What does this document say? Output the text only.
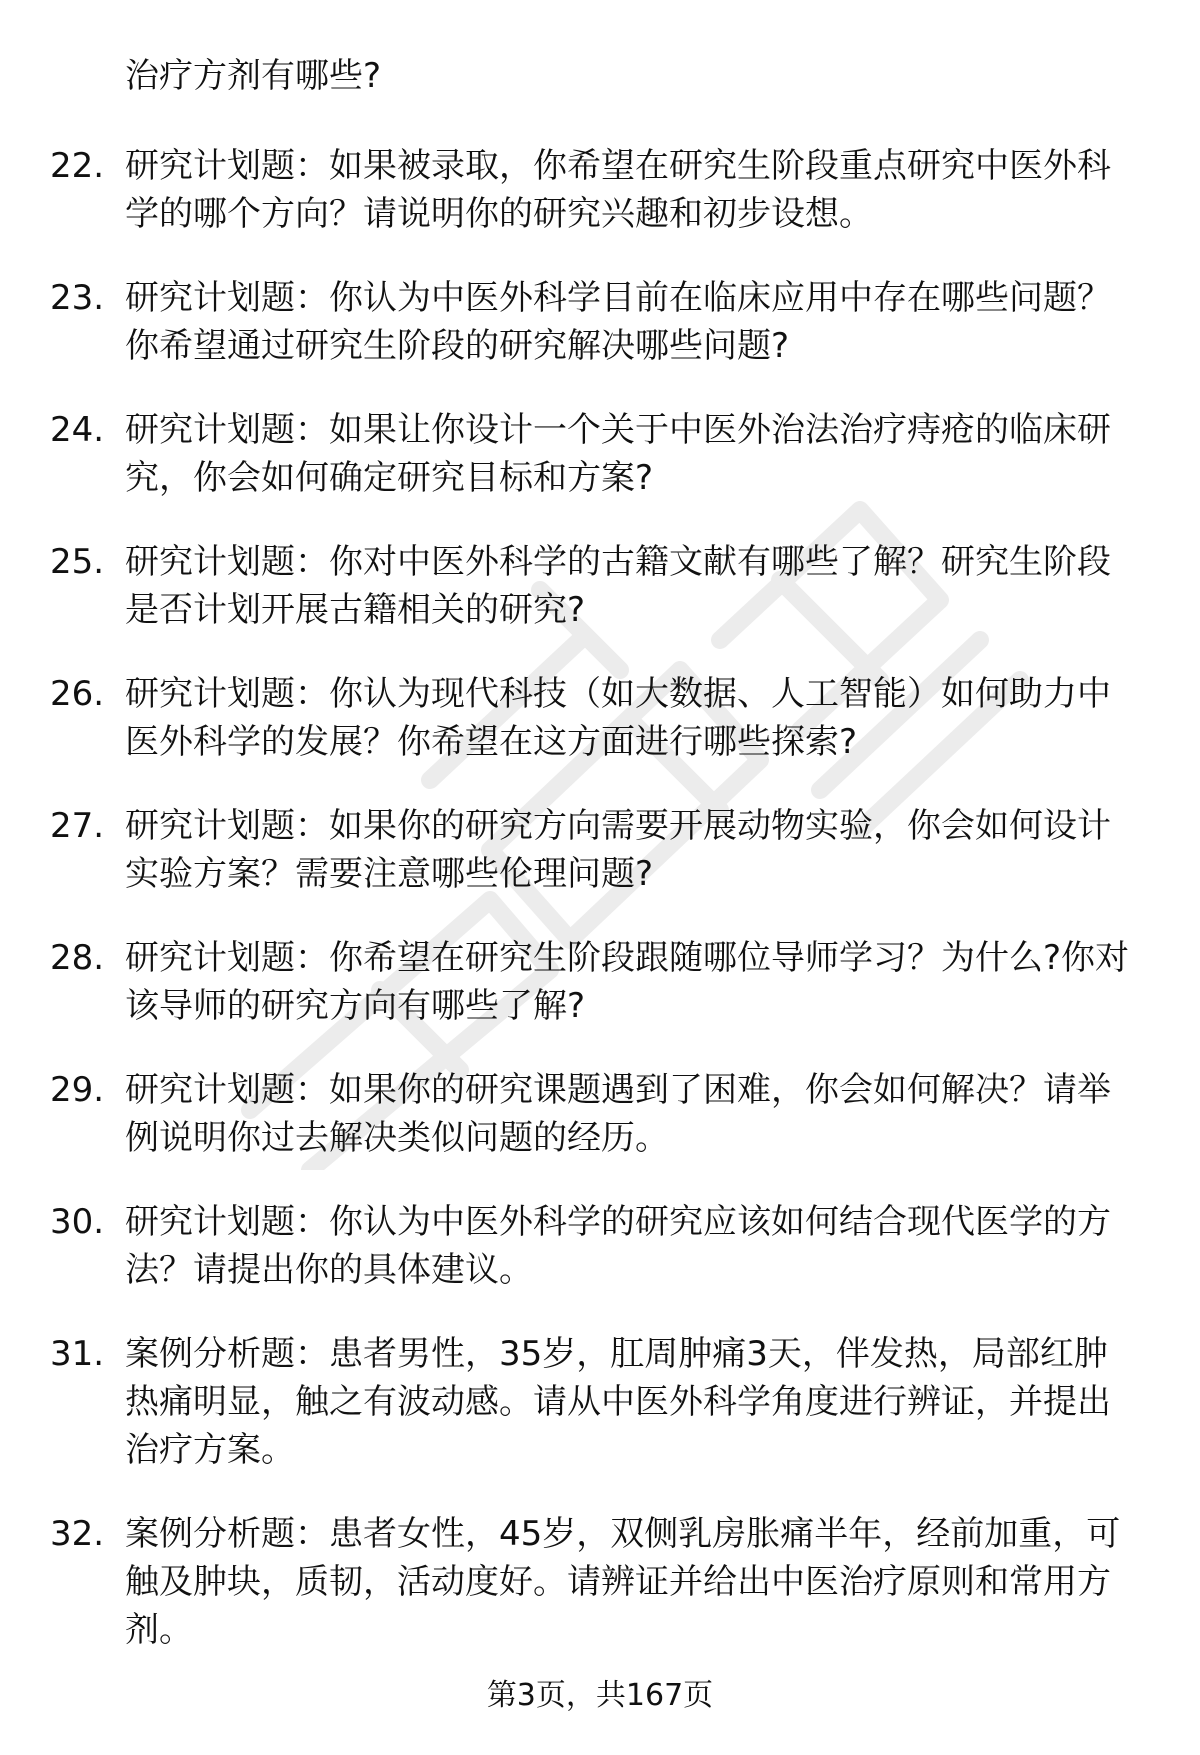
治疗方剂有哪些?
22. 研究计划题：如果被录取，你希望在研究生阶段重点研究中医外科学的哪个方向？请说明你的研究兴趣和初步设想。
23. 研究计划题：你认为中医外科学目前在临床应用中存在哪些问题？你希望通过研究生阶段的研究解决哪些问题?
24. 研究计划题：如果让你设计一个关于中医外治法治疗痔疮的临床研究，你会如何确定研究目标和方案?
25. 研究计划题：你对中医外科学的古籍文献有哪些了解？研究生阶段是否计划开展古籍相关的研究?
26. 研究计划题：你认为现代科技（如大数据、人工智能）如何助力中医外科学的发展？你希望在这方面进行哪些探索?
27. 研究计划题：如果你的研究方向需要开展动物实验，你会如何设计实验方案？需要注意哪些伦理问题?
28. 研究计划题：你希望在研究生阶段跟随哪位导师学习？为什么?你对该导师的研究方向有哪些了解?
29. 研究计划题：如果你的研究课题遇到了困难，你会如何解决？请举例说明你过去解决类似问题的经历。
30. 研究计划题：你认为中医外科学的研究应该如何结合现代医学的方法？请提出你的具体建议。
31. 案例分析题：患者男性，35岁，肛周肿痛3天，伴发热，局部红肿热痛明显，触之有波动感。请从中医外科学角度进行辨证，并提出治疗方案。
32. 案例分析题：患者女性，45岁，双侧乳房胀痛半年，经前加重，可触及肿块，质韧，活动度好。请辨证并给出中医治疗原则和常用方剂。
第3页，共167页
